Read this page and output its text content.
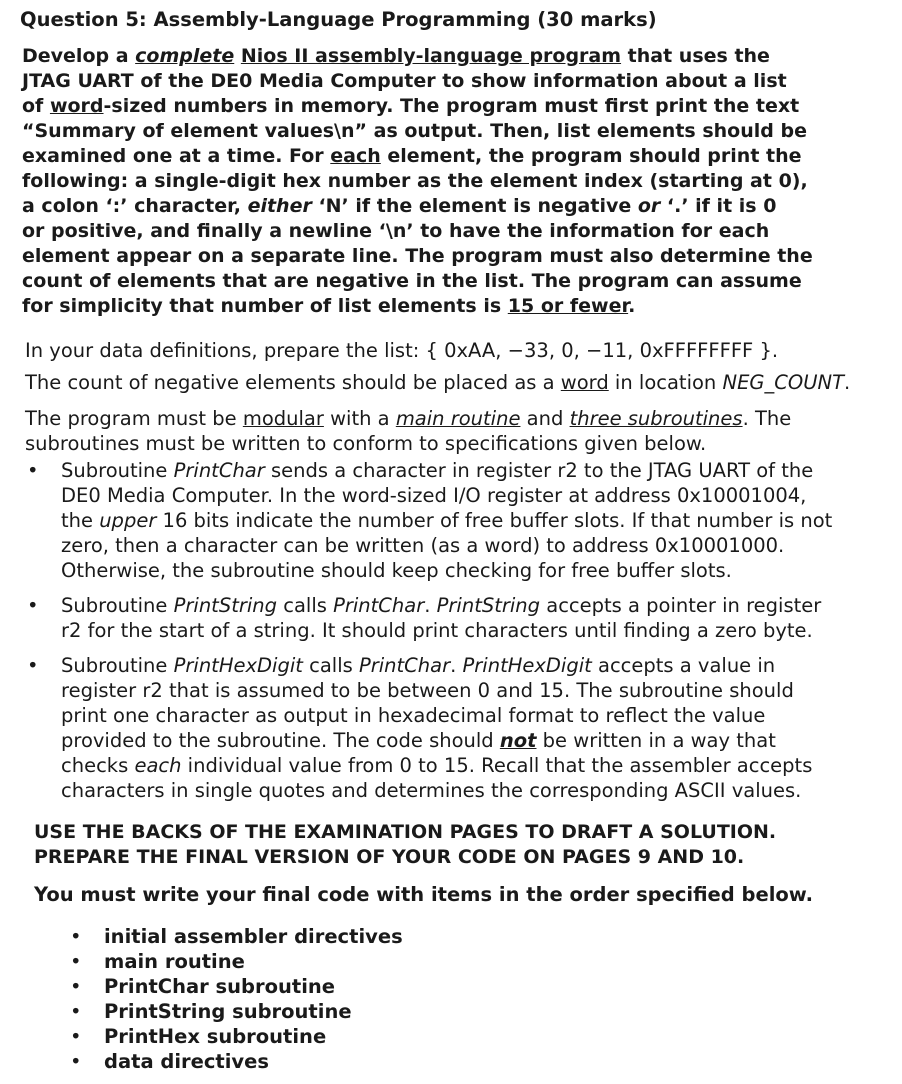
Question 5: Assembly-Language Programming (30 marks)

Develop a complete Nios II assembly-language program that uses the

JTAG UART of the DE0 Media Computer to show information about a list

of word-sized numbers in memory. The program must first print the text

“Summary of element values\n” as output. Then, list elements should be

examined one at a time. For each element, the program should print the

following: a single-digit hex number as the element index (starting at 0),

a colon ‘:’ character, either ‘N’ if the element is negative or ‘.’ if it is 0

or positive, and finally a newline ‘\n’ to have the information for each

element appear on a separate line. The program must also determine the

count of elements that are negative in the list. The program can assume

for simplicity that number of list elements is 15 or fewer.

In your data definitions, prepare the list: { 0xAA, −33, 0, −11, 0xFFFFFFFF }.

The count of negative elements should be placed as a word in location NEG_COUNT.

The program must be modular with a main routine and three subroutines. The

subroutines must be written to conform to specifications given below.

• Subroutine PrintChar sends a character in register r2 to the JTAG UART of the

DE0 Media Computer. In the word-sized I/O register at address 0x10001004,

the upper 16 bits indicate the number of free buffer slots. If that number is not

zero, then a character can be written (as a word) to address 0x10001000.

Otherwise, the subroutine should keep checking for free buffer slots.

• Subroutine PrintString calls PrintChar. PrintString accepts a pointer in register

r2 for the start of a string. It should print characters until finding a zero byte.

• Subroutine PrintHexDigit calls PrintChar. PrintHexDigit accepts a value in

register r2 that is assumed to be between 0 and 15. The subroutine should

print one character as output in hexadecimal format to reflect the value

provided to the subroutine. The code should not be written in a way that

checks each individual value from 0 to 15. Recall that the assembler accepts

characters in single quotes and determines the corresponding ASCII values.

USE THE BACKS OF THE EXAMINATION PAGES TO DRAFT A SOLUTION.

PREPARE THE FINAL VERSION OF YOUR CODE ON PAGES 9 AND 10.

You must write your final code with items in the order specified below.
• initial assembler directives
• main routine
• PrintChar subroutine
• PrintString subroutine
• PrintHex subroutine
• data directives
